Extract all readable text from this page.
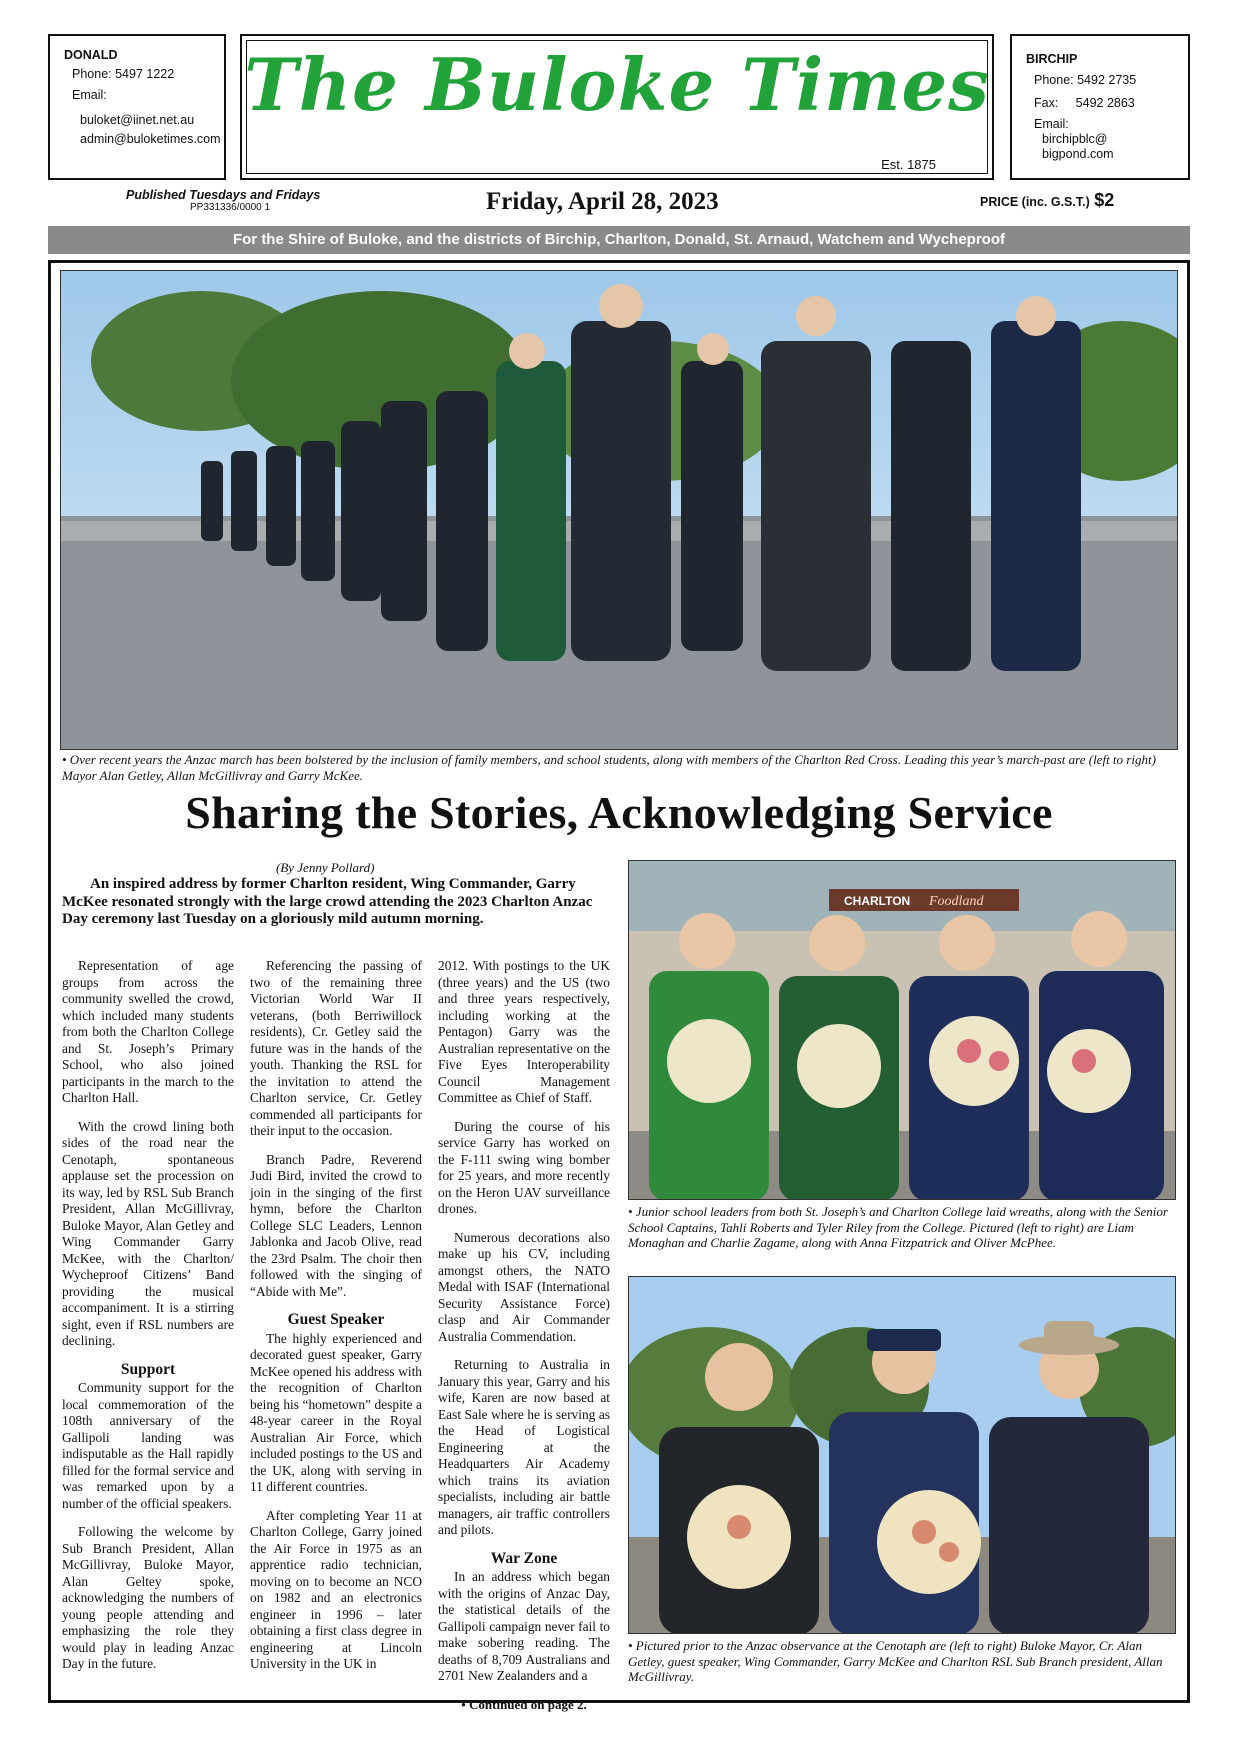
DONALD
Phone: 5497 1222
Email:
buloket@iinet.net.au
admin@buloketimes.com
The Buloke Times
Est. 1875
BIRCHIP
Phone: 5492 2735
Fax:     5492 2863
Email:
birchipblc@
bigpond.com
Published Tuesdays and Fridays
PP331336/0000 1	Friday, April 28, 2023	PRICE (inc. G.S.T.) $2
For the Shire of Buloke, and the districts of Birchip, Charlton, Donald, St. Arnaud, Watchem and Wycheproof
• Over recent years the Anzac march has been bolstered by the inclusion of family members, and school students, along with members of the Charlton Red Cross. Leading this year’s march-past are (left to right) Mayor Alan Getley, Allan McGillivray and Garry McKee.
Sharing the Stories, Acknowledging Service
(By Jenny Pollard)
An inspired address by former Charlton resident, Wing Commander, Garry McKee resonated strongly with the large crowd attending the 2023 Charlton Anzac Day ceremony last Tuesday on a gloriously mild autumn morning.

Representation of age groups from across the community swelled the crowd, which included many students from both the Charlton College and St. Joseph’s Primary School, who also joined participants in the march to the Charlton Hall.

With the crowd lining both sides of the road near the Cenotaph, spontaneous applause set the procession on its way, led by RSL Sub Branch President, Allan McGillivray, Buloke Mayor, Alan Getley and Wing Commander Garry McKee, with the Charlton/ Wycheproof Citizens’ Band providing the musical accompaniment. It is a stirring sight, even if RSL numbers are declining.

Support

Community support for the local commemoration of the 108th anniversary of the Gallipoli landing was indisputable as the Hall rapidly filled for the formal service and was remarked upon by a number of the official speakers.

Following the welcome by Sub Branch President, Allan McGillivray, Buloke Mayor, Alan Geltey spoke, acknowledging the numbers of young people attending and emphasizing the role they would play in leading Anzac Day in the future.

Referencing the passing of two of the remaining three Victorian World War II veterans, (both Berriwillock residents), Cr. Getley said the future was in the hands of the youth. Thanking the RSL for the invitation to attend the Charlton service, Cr. Getley commended all participants for their input to the occasion.

Branch Padre, Reverend Judi Bird, invited the crowd to join in the singing of the first hymn, before the Charlton College SLC Leaders, Lennon Jablonka and Jacob Olive, read the 23rd Psalm. The choir then followed with the singing of “Abide with Me”.

Guest Speaker

The highly experienced and decorated guest speaker, Garry McKee opened his address with the recognition of Charlton being his “hometown” despite a 48-year career in the Royal Australian Air Force, which included postings to the US and the UK, along with serving in 11 different countries.

After completing Year 11 at Charlton College, Garry joined the Air Force in 1975 as an apprentice radio technician, moving on to become an NCO on 1982 and an electronics engineer in 1996 – later obtaining a first class degree in engineering at Lincoln University in the UK in

2012. With postings to the UK (three years) and the US (two and three years respectively, including working at the Pentagon) Garry was the Australian representative on the Five Eyes Interoperability Council Management Committee as Chief of Staff.

During the course of his service Garry has worked on the F-111 swing wing bomber for 25 years, and more recently on the Heron UAV surveillance drones.

Numerous decorations also make up his CV, including amongst others, the NATO Medal with ISAF (International Security Assistance Force) clasp and Air Commander Australia Commendation.

Returning to Australia in January this year, Garry and his wife, Karen are now based at East Sale where he is serving as the Head of Logistical Engineering at the Headquarters Air Academy which trains its aviation specialists, including air battle managers, air traffic controllers and pilots.

War Zone

In an address which began with the origins of Anzac Day, the statistical details of the Gallipoli campaign never fail to make sobering reading. The deaths of 8,709 Australians and 2701 New Zealanders and a

• Continued on page 2.
CHARLTON Foodland
• Junior school leaders from both St. Joseph’s and Charlton College laid wreaths, along with the Senior School Captains, Tahli Roberts and Tyler Riley from the College. Pictured (left to right) are Liam Monaghan and Charlie Zagame, along with Anna Fitzpatrick and Oliver McPhee.
• Pictured prior to the Anzac observance at the Cenotaph are (left to right) Buloke Mayor, Cr. Alan Getley, guest speaker, Wing Commander, Garry McKee and Charlton RSL Sub Branch president, Allan McGillivray.
